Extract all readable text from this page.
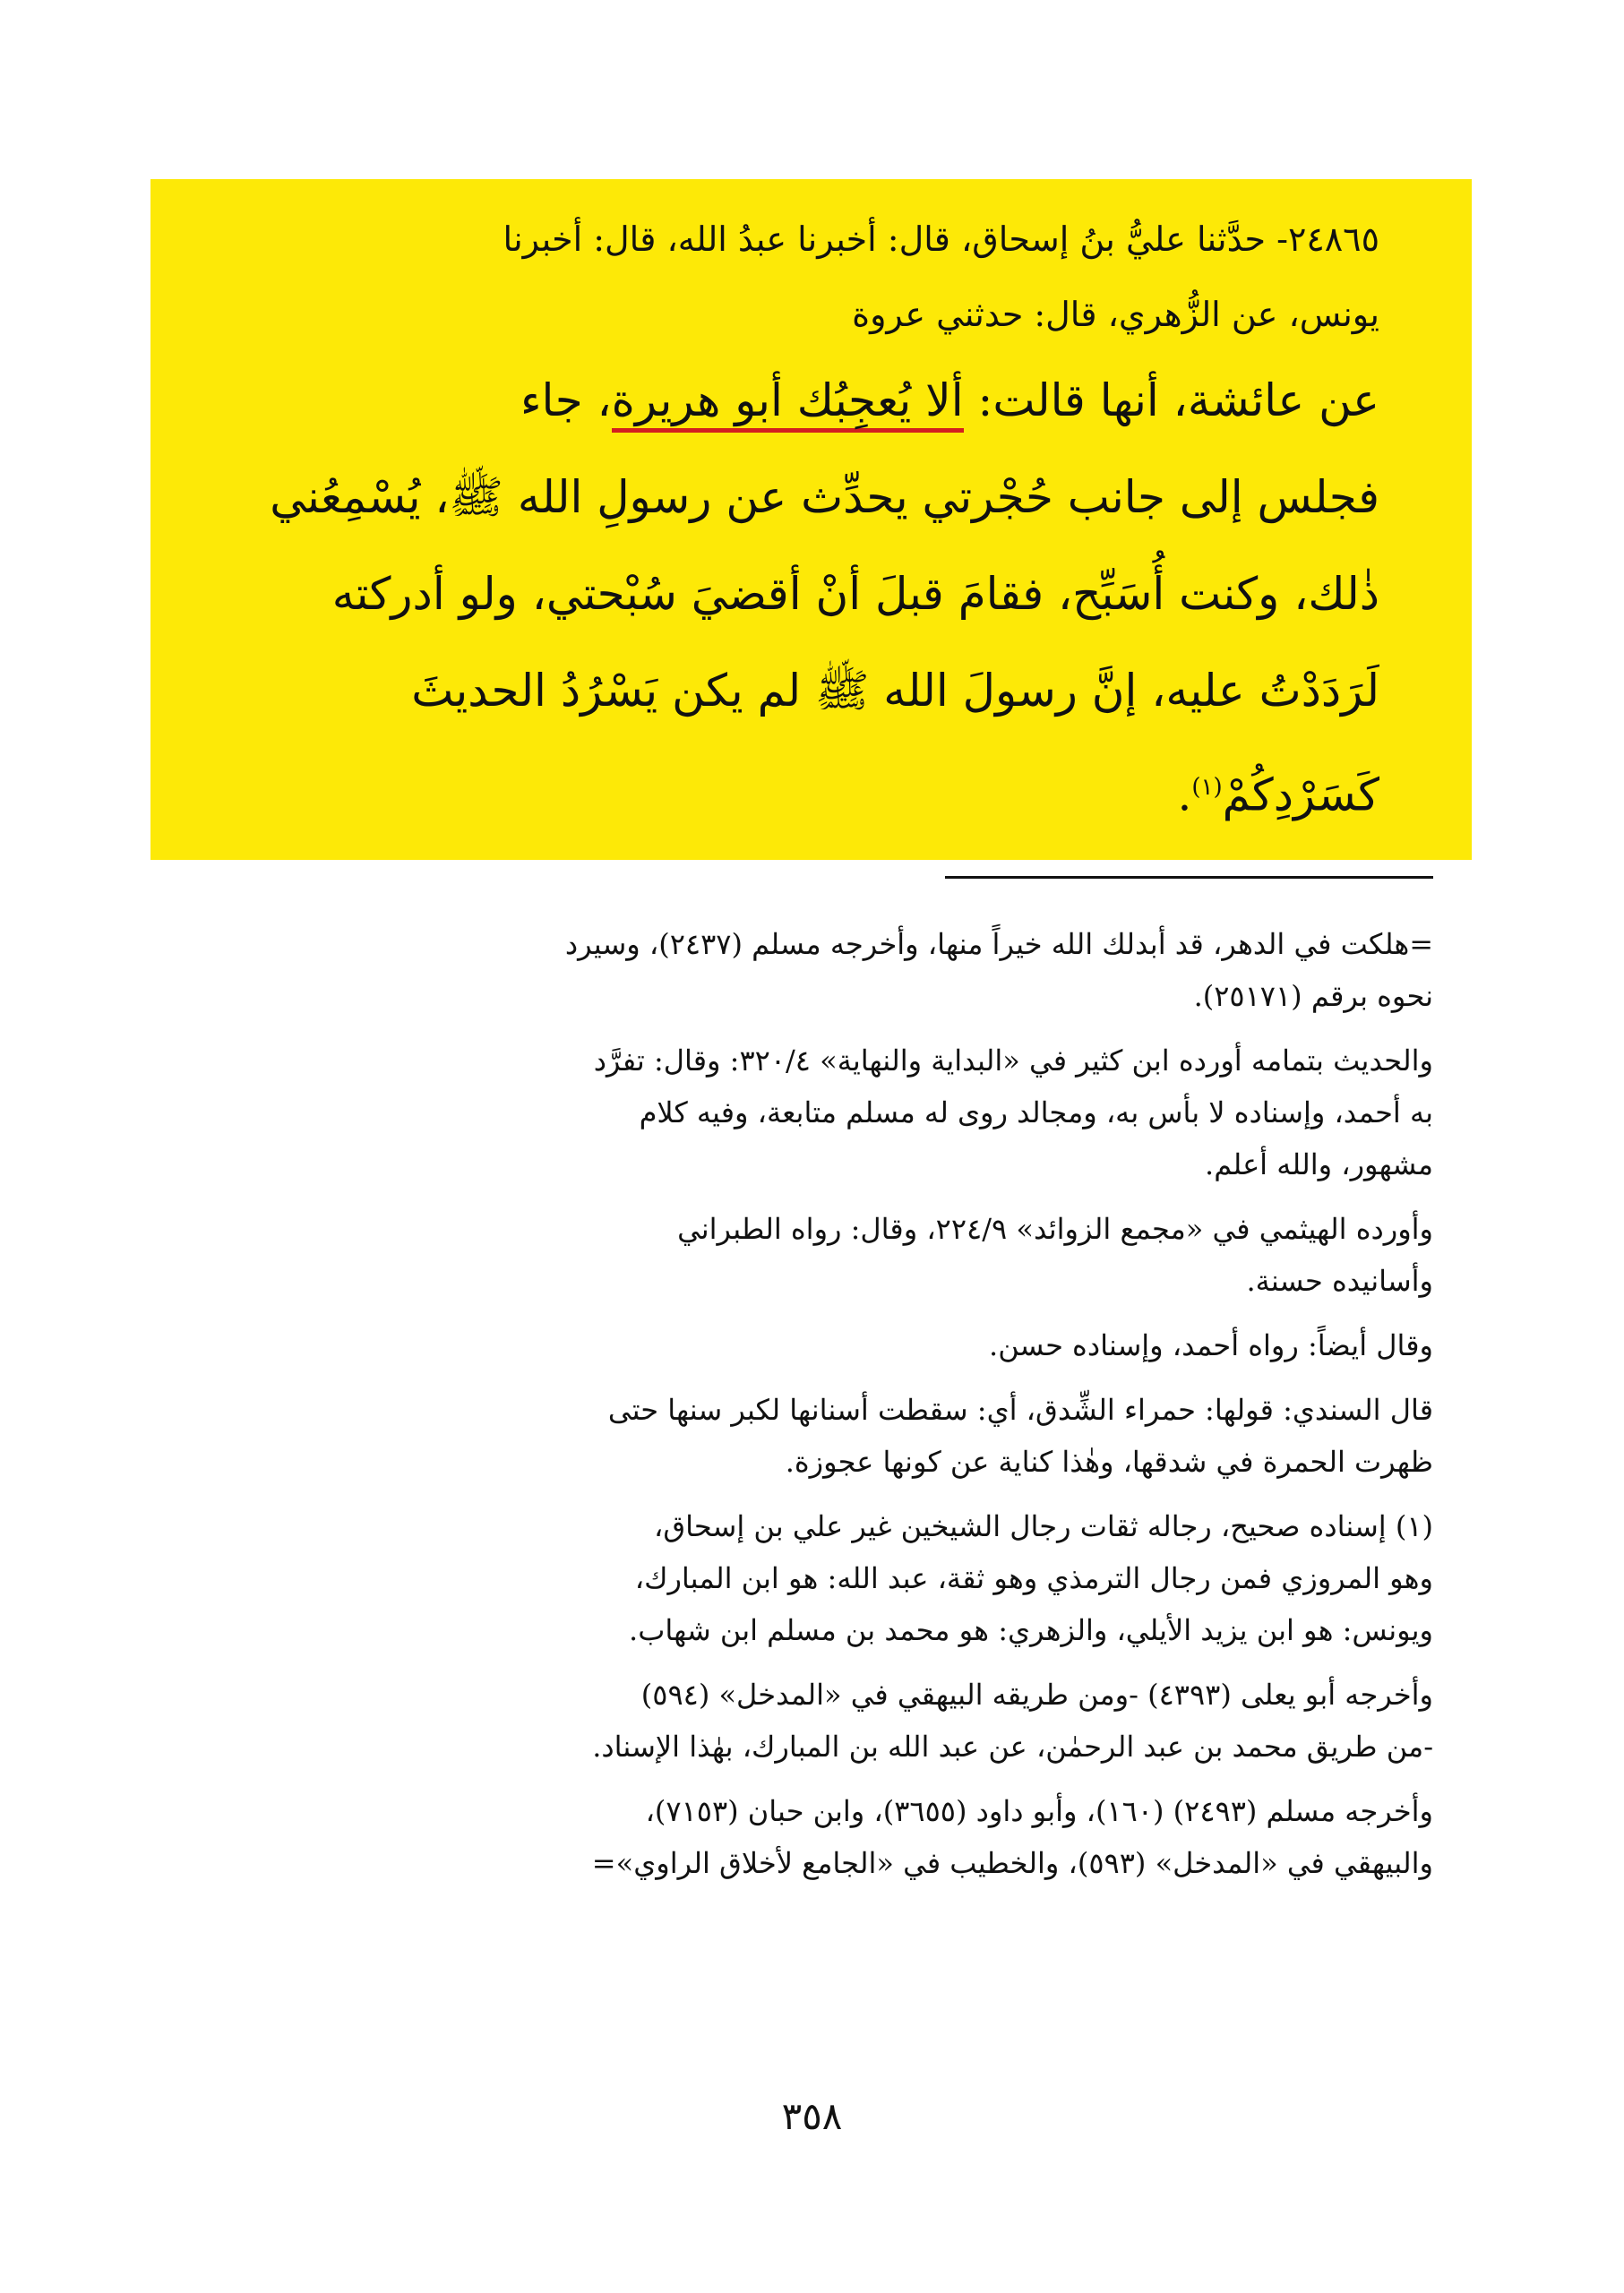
٢٤٨٦٥- حدَّثنا عليُّ بنُ إسحاق، قال: أخبرنا عبدُ الله، قال: أخبرنا
يونس، عن الزُّهري، قال: حدثني عروة
عن عائشة، أنها قالت: ألا يُعجِبُك أبو هريرة، جاء
فجلس إلى جانب حُجْرتي يحدِّث عن رسولِ الله ﷺ، يُسْمِعُني
ذٰلك، وكنت أُسَبِّح، فقامَ قبلَ أنْ أقضيَ سُبْحتي، ولو أدركته
لَرَدَدْتُ عليه، إنَّ رسولَ الله ﷺ لم يكن يَسْرُدُ الحديثَ
كَسَرْدِكُمْ$^{(١)}$.
=هلكت في الدهر، قد أبدلك الله خيراً منها، وأخرجه مسلم (٢٤٣٧)، وسيرد
نحوه برقم (٢٥١٧١).
والحديث بتمامه أورده ابن كثير في «البداية والنهاية» ٣٢٠/٤: وقال: تفرَّد
به أحمد، وإسناده لا بأس به، ومجالد روى له مسلم متابعة، وفيه كلام
مشهور، والله أعلم.
وأورده الهيثمي في «مجمع الزوائد» ٢٢٤/٩، وقال: رواه الطبراني
وأسانيده حسنة.
وقال أيضاً: رواه أحمد، وإسناده حسن.
قال السندي: قولها: حمراء الشِّدق، أي: سقطت أسنانها لكبر سنها حتى
ظهرت الحمرة في شدقها، وهٰذا كناية عن كونها عجوزة.
(١) إسناده صحيح، رجاله ثقات رجال الشيخين غير علي بن إسحاق،
وهو المروزي فمن رجال الترمذي وهو ثقة، عبد الله: هو ابن المبارك،
ويونس: هو ابن يزيد الأيلي، والزهري: هو محمد بن مسلم ابن شهاب.
وأخرجه أبو يعلى (٤٣٩٣) -ومن طريقه البيهقي في «المدخل» (٥٩٤)
-من طريق محمد بن عبد الرحمٰن، عن عبد الله بن المبارك، بهٰذا الإسناد.
وأخرجه مسلم (٢٤٩٣) (١٦٠)، وأبو داود (٣٦٥٥)، وابن حبان (٧١٥٣)،
والبيهقي في «المدخل» (٥٩٣)، والخطيب في «الجامع لأخلاق الراوي»=
٣٥٨
